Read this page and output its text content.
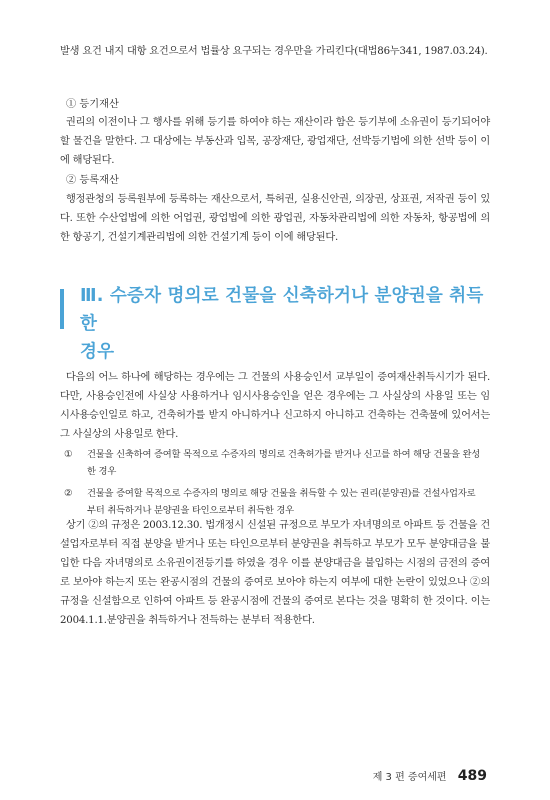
발생 요건 내지 대항 요건으로서 법률상 요구되는 경우만을 가리킨다(대법86누341, 1987.03.24).

① 등기재산

권리의 이전이나 그 행사를 위해 등기를 하여야 하는 재산이라 함은 등기부에 소유권이 등기되어야 할 물건을 말한다. 그 대상에는 부동산과 입목, 공장재단, 광업재단, 선박등기법에 의한 선박 등이 이에 해당된다.

② 등록재산

행정관청의 등록원부에 등록하는 재산으로서, 특허권, 실용신안권, 의장권, 상표권, 저작권 등이 있다. 또한 수산업법에 의한 어업권, 광업법에 의한 광업권, 자동차관리법에 의한 자동차, 항공법에 의한 항공기, 건설기계관리법에 의한 건설기계 등이 이에 해당된다.

Ⅲ. 수증자 명의로 건물을 신축하거나 분양권을 취득한

경우

다음의 어느 하나에 해당하는 경우에는 그 건물의 사용승인서 교부일이 증여재산취득시기가 된다. 다만, 사용승인전에 사실상 사용하거나 임시사용승인을 얻은 경우에는 그 사실상의 사용일 또는 임시사용승인일로 하고, 건축허가를 받지 아니하거나 신고하지 아니하고 건축하는 건축물에 있어서는 그 사실상의 사용일로 한다.

①	건물을 신축하여 증여할 목적으로 수증자의 명의로 건축허가를 받거나 신고를 하여 해당 건물을 완성한 경우
②	건물을 증여할 목적으로 수증자의 명의로 해당 건물을 취득할 수 있는 권리(분양권)를 건설사업자로부터 취득하거나 분양권을 타인으로부터 취득한 경우

상기 ②의 규정은 2003.12.30. 법개정시 신설된 규정으로 부모가 자녀명의로 아파트 등 건물을 건설업자로부터 직접 분양을 받거나 또는 타인으로부터 분양권을 취득하고 부모가 모두 분양대금을 불입한 다음 자녀명의로 소유권이전등기를 하였을 경우 이를 분양대금을 불입하는 시점의 금전의 증여로 보아야 하는지 또는 완공시점의 건물의 증여로 보아야 하는지 여부에 대한 논란이 있었으나 ②의 규정을 신설함으로 인하여 아파트 등 완공시점에 건물의 증여로 본다는 것을 명확히 한 것이다. 이는 2004.1.1.분양권을 취득하거나 전득하는 분부터 적용한다.

제 3 편 증여세편 489
